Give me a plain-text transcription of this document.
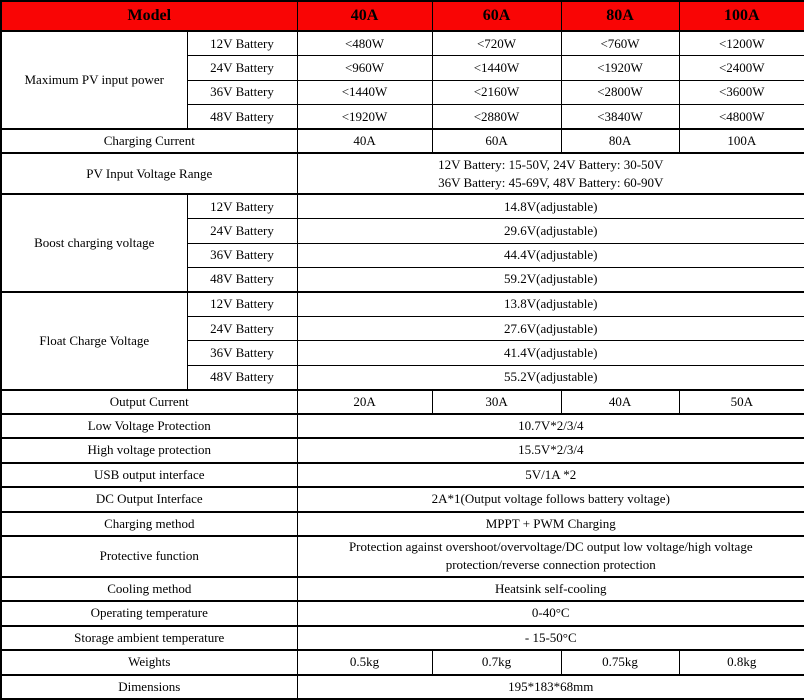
Model		40A	60A	80A	100A
Maximum PV input power	12V Battery	<480W	<720W	<760W	<1200W
	24V Battery	<960W	<1440W	<1920W	<2400W
	36V Battery	<1440W	<2160W	<2800W	<3600W
	48V Battery	<1920W	<2880W	<3840W	<4800W
Charging Current		40A	60A	80A	100A
PV Input Voltage Range		12V Battery: 15-50V, 24V Battery: 30-50V
36V Battery: 45-69V, 48V Battery: 60-90V			

Boost charging voltage	12V Battery	14.8V(adjustable)			
	24V Battery	29.6V(adjustable)			
	36V Battery	44.4V(adjustable)			
	48V Battery	59.2V(adjustable)			
Float Charge Voltage	12V Battery	13.8V(adjustable)			
	24V Battery	27.6V(adjustable)			
	36V Battery	41.4V(adjustable)			
	48V Battery	55.2V(adjustable)			
Output Current		20A	30A	40A	50A
Low Voltage Protection		10.7V*2/3/4			
High voltage protection		15.5V*2/3/4			
USB output interface		5V/1A *2			
DC Output Interface		2A*1(Output voltage follows battery voltage)			
Charging method		MPPT + PWM Charging			
Protective function		Protection against overshoot/overvoltage/DC output low voltage/high voltage
protection/reverse connection protection			

Cooling method		Heatsink self-cooling			
Operating temperature		0-40°C			
Storage ambient temperature		- 15-50°C			
Weights		0.5kg	0.7kg	0.75kg	0.8kg
Dimensions		195*183*68mm			
